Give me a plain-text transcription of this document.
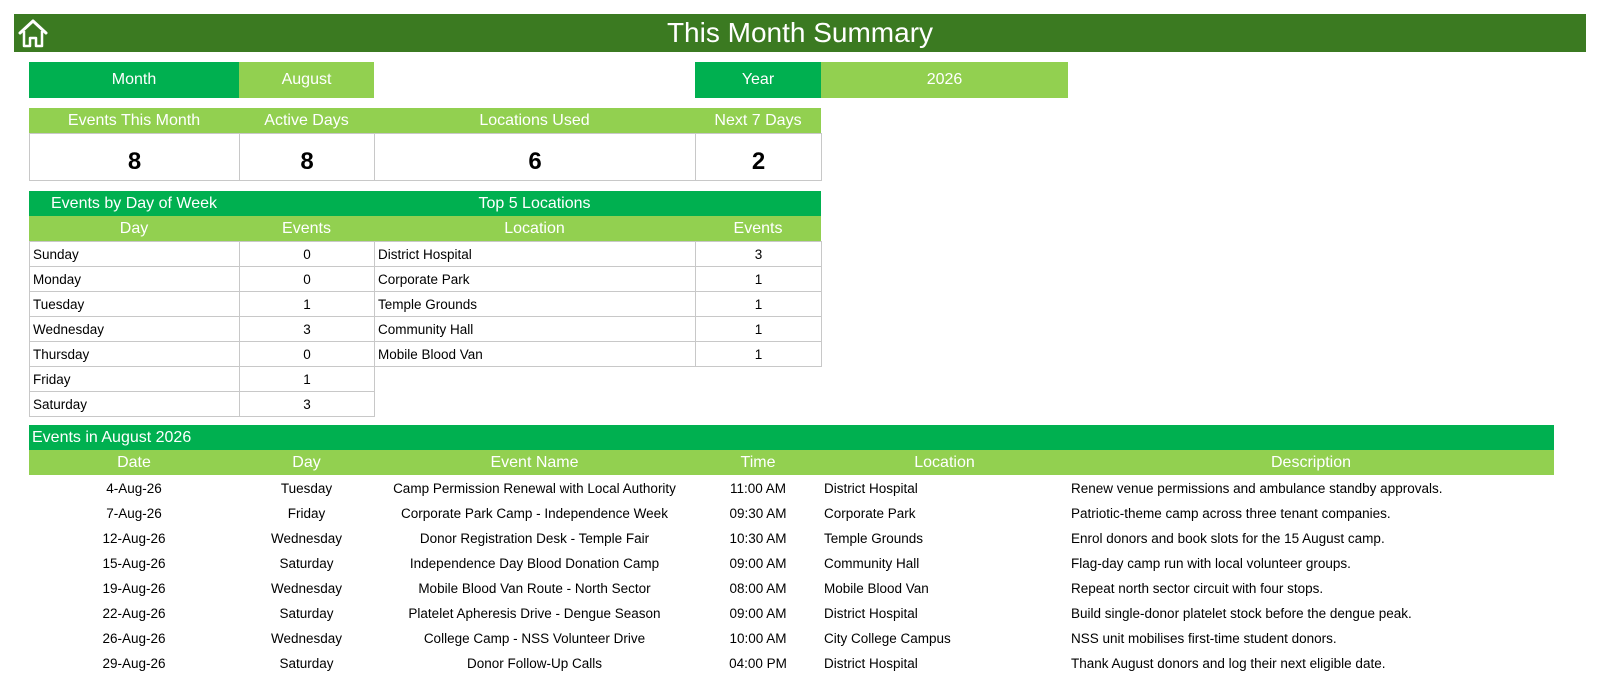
This Month Summary
Month	August	Year	2026
Events This Month	Active Days	Locations Used	Next 7 Days
8	8	6	2
Events by Day of Week	Top 5 Locations
Day	Events	Location	Events
Sunday	0
Monday	0
Tuesday	1
Wednesday	3
Thursday	0
Friday	1
Saturday	3
District Hospital	3
Corporate Park	1
Temple Grounds	1
Community Hall	1
Mobile Blood Van	1
Events in August 2026
Date	Day	Event Name	Time	Location	Description
4-Aug-26	Tuesday	Camp Permission Renewal with Local Authority	11:00 AM	District Hospital	Renew venue permissions and ambulance standby approvals.
7-Aug-26	Friday	Corporate Park Camp - Independence Week	09:30 AM	Corporate Park	Patriotic-theme camp across three tenant companies.
12-Aug-26	Wednesday	Donor Registration Desk - Temple Fair	10:30 AM	Temple Grounds	Enrol donors and book slots for the 15 August camp.
15-Aug-26	Saturday	Independence Day Blood Donation Camp	09:00 AM	Community Hall	Flag-day camp run with local volunteer groups.
19-Aug-26	Wednesday	Mobile Blood Van Route - North Sector	08:00 AM	Mobile Blood Van	Repeat north sector circuit with four stops.
22-Aug-26	Saturday	Platelet Apheresis Drive - Dengue Season	09:00 AM	District Hospital	Build single-donor platelet stock before the dengue peak.
26-Aug-26	Wednesday	College Camp - NSS Volunteer Drive	10:00 AM	City College Campus	NSS unit mobilises first-time student donors.
29-Aug-26	Saturday	Donor Follow-Up Calls	04:00 PM	District Hospital	Thank August donors and log their next eligible date.
